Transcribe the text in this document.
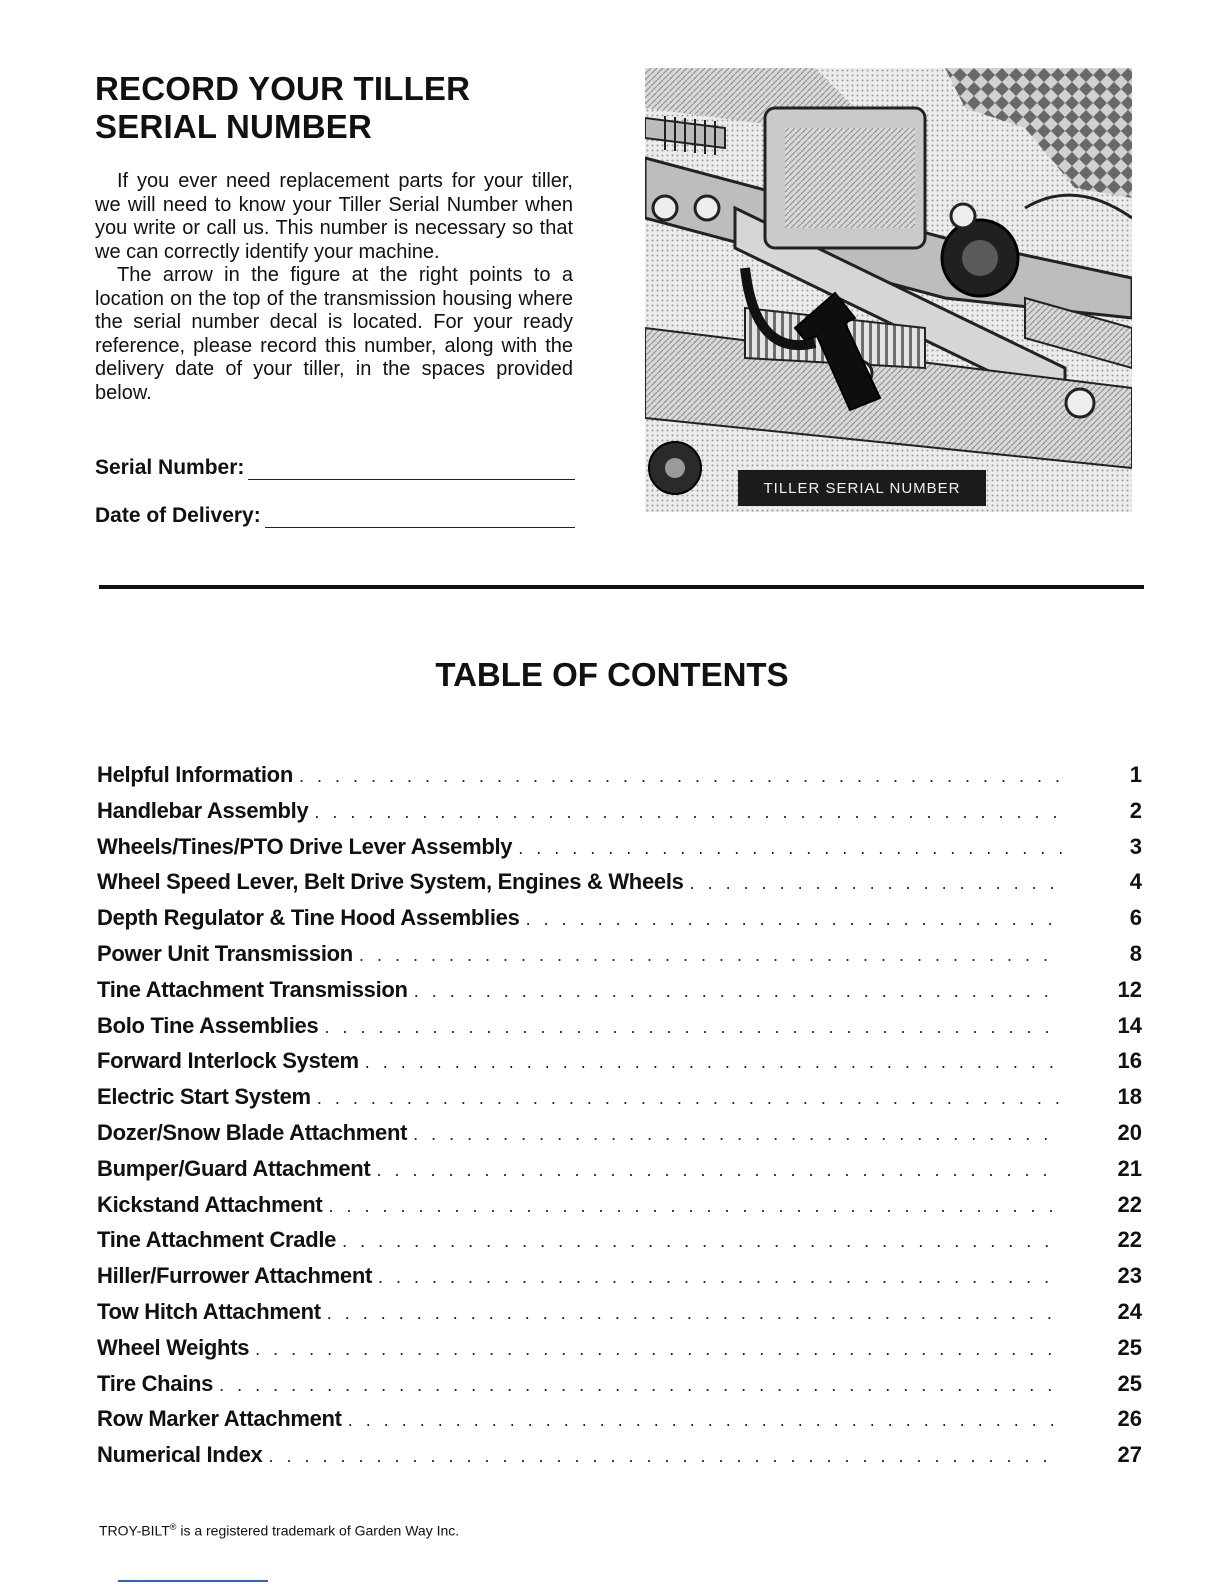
RECORD YOUR TILLER
SERIAL NUMBER

If you ever need replacement parts for your tiller, we will need to know your Tiller Serial Number when you write or call us. This number is necessary so that we can correctly identify your machine.

The arrow in the figure at the right points to a location on the top of the transmission housing where the serial number decal is located. For your ready reference, please record this number, along with the delivery date of your tiller, in the spaces provided below.

Serial Number:
Date of Delivery:
TILLER SERIAL NUMBER
TABLE OF CONTENTS
Helpful Information . . .	1
Handlebar Assembly . . .	2
Wheels/Tines/PTO Drive Lever Assembly . . .	3
Wheel Speed Lever, Belt Drive System, Engines & Wheels . . .	4
Depth Regulator & Tine Hood Assemblies . . .	6
Power Unit Transmission . . .	8
Tine Attachment Transmission . . .	12
Bolo Tine Assemblies . . .	14
Forward Interlock System . . .	16
Electric Start System . . .	18
Dozer/Snow Blade Attachment . . .	20
Bumper/Guard Attachment . . .	21
Kickstand Attachment . . .	22
Tine Attachment Cradle . . .	22
Hiller/Furrower Attachment . . .	23
Tow Hitch Attachment . . .	24
Wheel Weights . . .	25
Tire Chains . . .	25
Row Marker Attachment . . .	26
Numerical Index . . .	27
TROY-BILT® is a registered trademark of Garden Way Inc.
